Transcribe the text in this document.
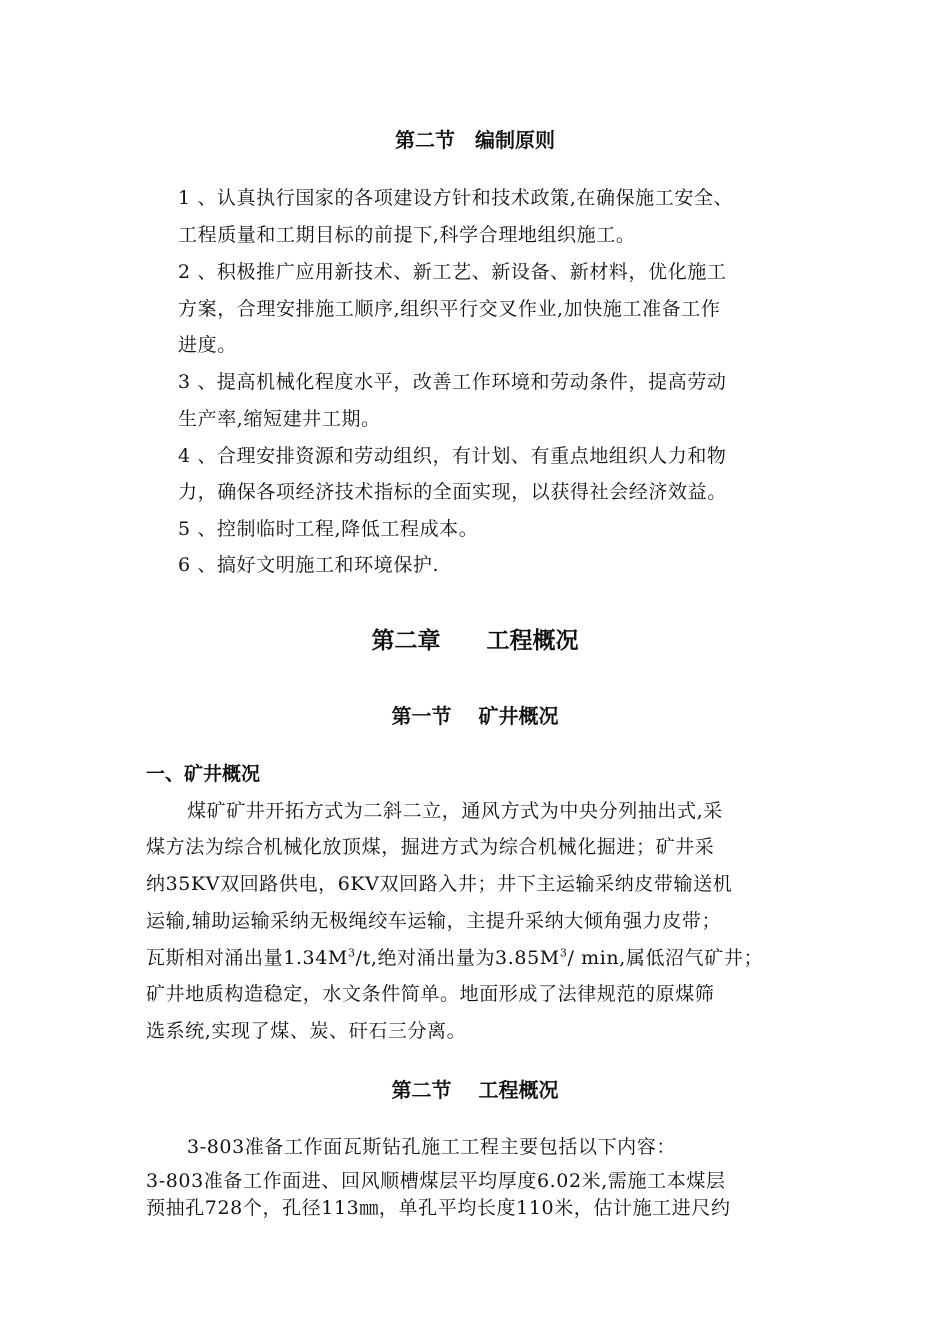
第二节　编制原则
1 、认真执行国家的各项建设方针和技术政策,在确保施工安全、
工程质量和工期目标的前提下,科学合理地组织施工。
2 、积极推广应用新技术、新工艺、新设备、新材料，优化施工
方案，合理安排施工顺序,组织平行交叉作业,加快施工准备工作
进度。
3 、提高机械化程度水平，改善工作环境和劳动条件，提高劳动
生产率,缩短建井工期。
4 、合理安排资源和劳动组织，有计划、有重点地组织人力和物
力，确保各项经济技术指标的全面实现，以获得社会经济效益。
5 、控制临时工程,降低工程成本。
6 、搞好文明施工和环境保护.
第二章　　工程概况
第一节　 矿井概况
一、矿井概况
煤矿矿井开拓方式为二斜二立，通风方式为中央分列抽出式,采
煤方法为综合机械化放顶煤，掘进方式为综合机械化掘进；矿井采
纳35KV双回路供电，6KV双回路入井；井下主运输采纳皮带输送机
运输,辅助运输采纳无极绳绞车运输，主提升采纳大倾角强力皮带；
瓦斯相对涌出量$1.34M^3/t$,绝对涌出量为$3.85M^3/$ min,属低沼气矿井；
矿井地质构造稳定，水文条件简单。地面形成了法律规范的原煤筛
选系统,实现了煤、炭、矸石三分离。
第二节　 工程概况
3-803准备工作面瓦斯钻孔施工工程主要包括以下内容：
3-803准备工作面进、回风顺槽煤层平均厚度6.02米,需施工本煤层
预抽孔728个，孔径113㎜，单孔平均长度110米，估计施工进尺约
